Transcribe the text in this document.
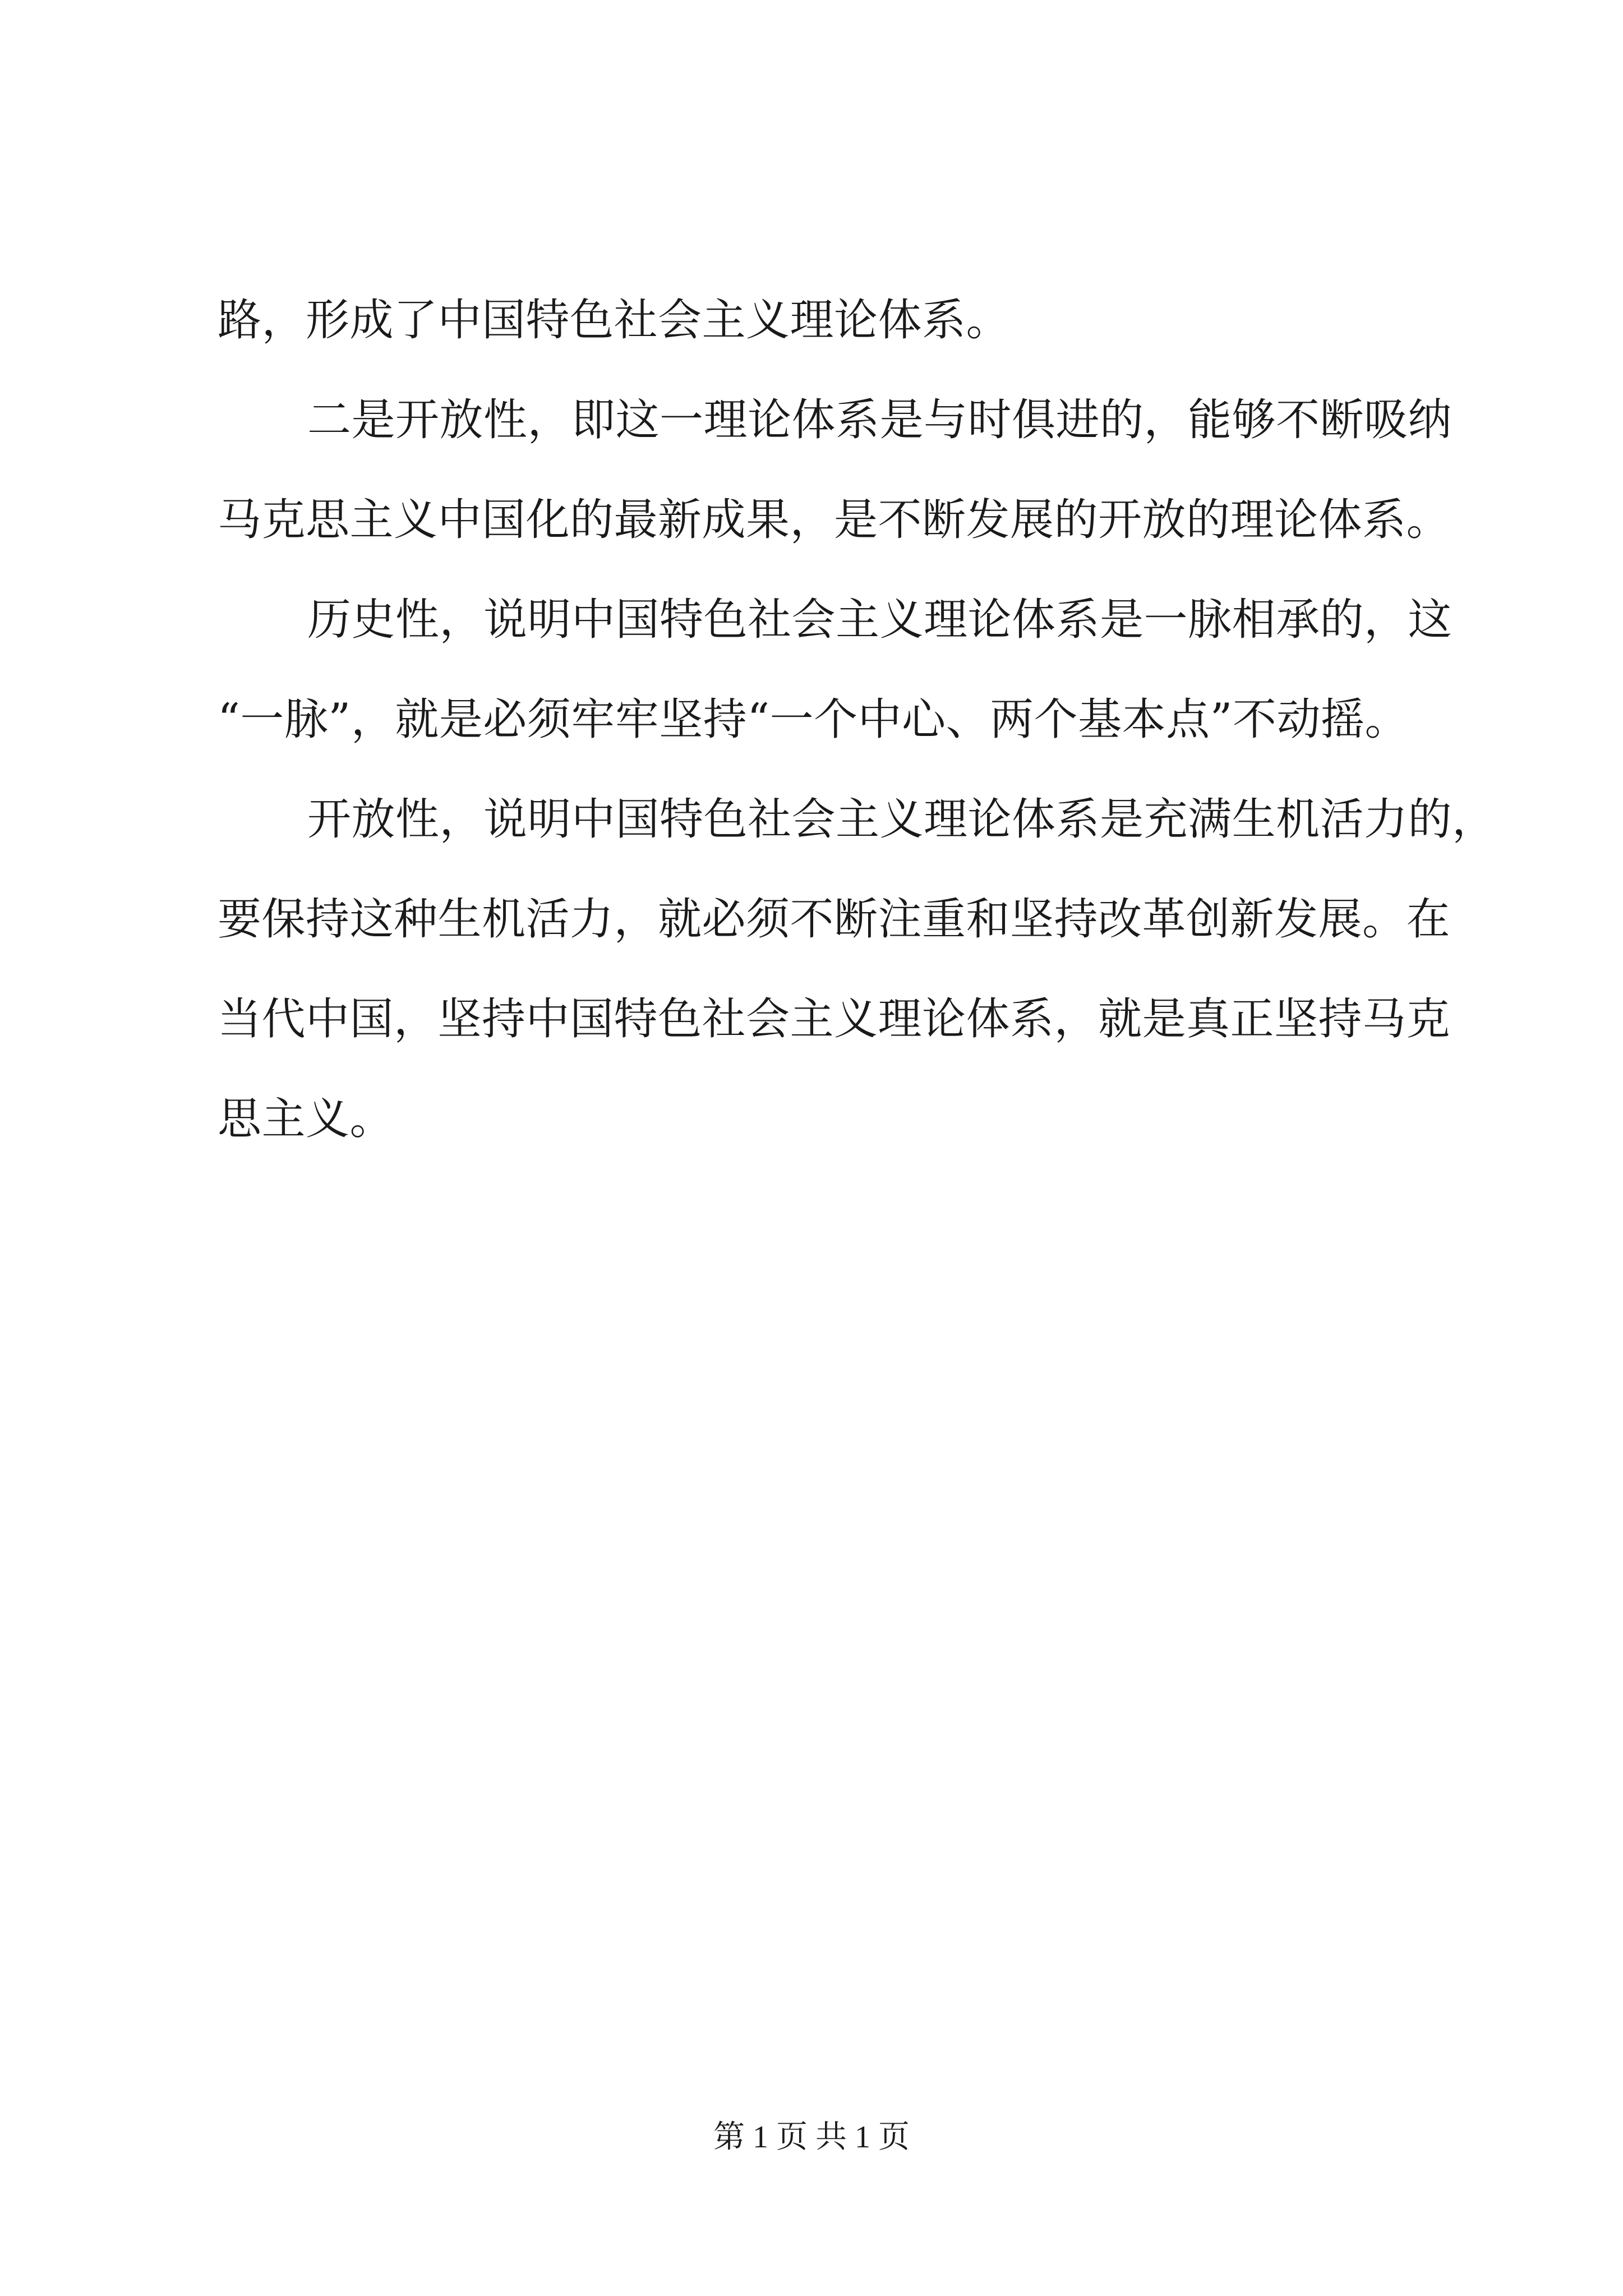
路，形成了中国特色社会主义理论体系。
二是开放性，即这一理论体系是与时俱进的，能够不断吸纳
马克思主义中国化的最新成果，是不断发展的开放的理论体系。
历史性，说明中国特色社会主义理论体系是一脉相承的，这
“一脉”，就是必须牢牢坚持“一个中心、两个基本点”不动摇。
开放性，说明中国特色社会主义理论体系是充满生机活力的，
要保持这种生机活力，就必须不断注重和坚持改革创新发展。在
当代中国，坚持中国特色社会主义理论体系，就是真正坚持马克
思主义。
第 1 页 共 1 页
